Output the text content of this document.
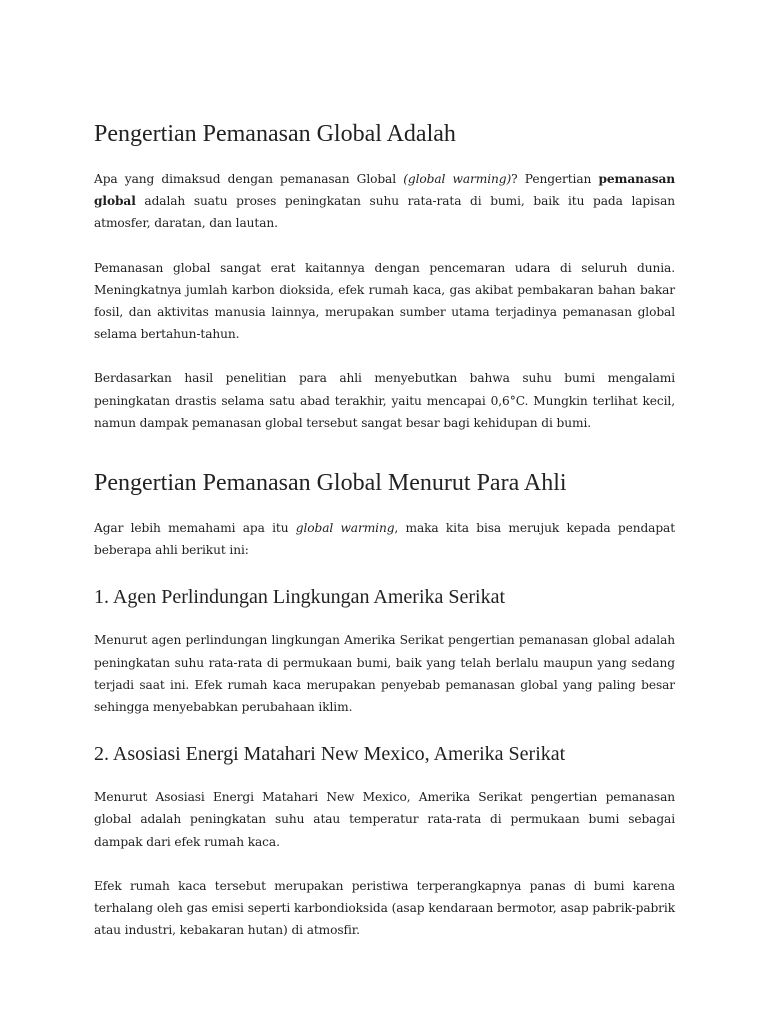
Pengertian Pemanasan Global Adalah

Apa yang dimaksud dengan pemanasan Global (global warming)? Pengertian pemanasan global adalah suatu proses peningkatan suhu rata-rata di bumi, baik itu pada lapisan atmosfer, daratan, dan lautan.

Pemanasan global sangat erat kaitannya dengan pencemaran udara di seluruh dunia. Meningkatnya jumlah karbon dioksida, efek rumah kaca, gas akibat pembakaran bahan bakar fosil, dan aktivitas manusia lainnya, merupakan sumber utama terjadinya pemanasan global selama bertahun-tahun.

Berdasarkan hasil penelitian para ahli menyebutkan bahwa suhu bumi mengalami peningkatan drastis selama satu abad terakhir, yaitu mencapai 0,6°C. Mungkin terlihat kecil, namun dampak pemanasan global tersebut sangat besar bagi kehidupan di bumi.

Pengertian Pemanasan Global Menurut Para Ahli

Agar lebih memahami apa itu global warming, maka kita bisa merujuk kepada pendapat beberapa ahli berikut ini:

1. Agen Perlindungan Lingkungan Amerika Serikat

Menurut agen perlindungan lingkungan Amerika Serikat pengertian pemanasan global adalah peningkatan suhu rata-rata di permukaan bumi, baik yang telah berlalu maupun yang sedang terjadi saat ini. Efek rumah kaca merupakan penyebab pemanasan global yang paling besar sehingga menyebabkan perubahaan iklim.

2. Asosiasi Energi Matahari New Mexico, Amerika Serikat

Menurut Asosiasi Energi Matahari New Mexico, Amerika Serikat pengertian pemanasan global adalah peningkatan suhu atau temperatur rata-rata di permukaan bumi sebagai dampak dari efek rumah kaca.

Efek rumah kaca tersebut merupakan peristiwa terperangkapnya panas di bumi karena terhalang oleh gas emisi seperti karbondioksida (asap kendaraan bermotor, asap pabrik-pabrik atau industri, kebakaran hutan) di atmosfir.
